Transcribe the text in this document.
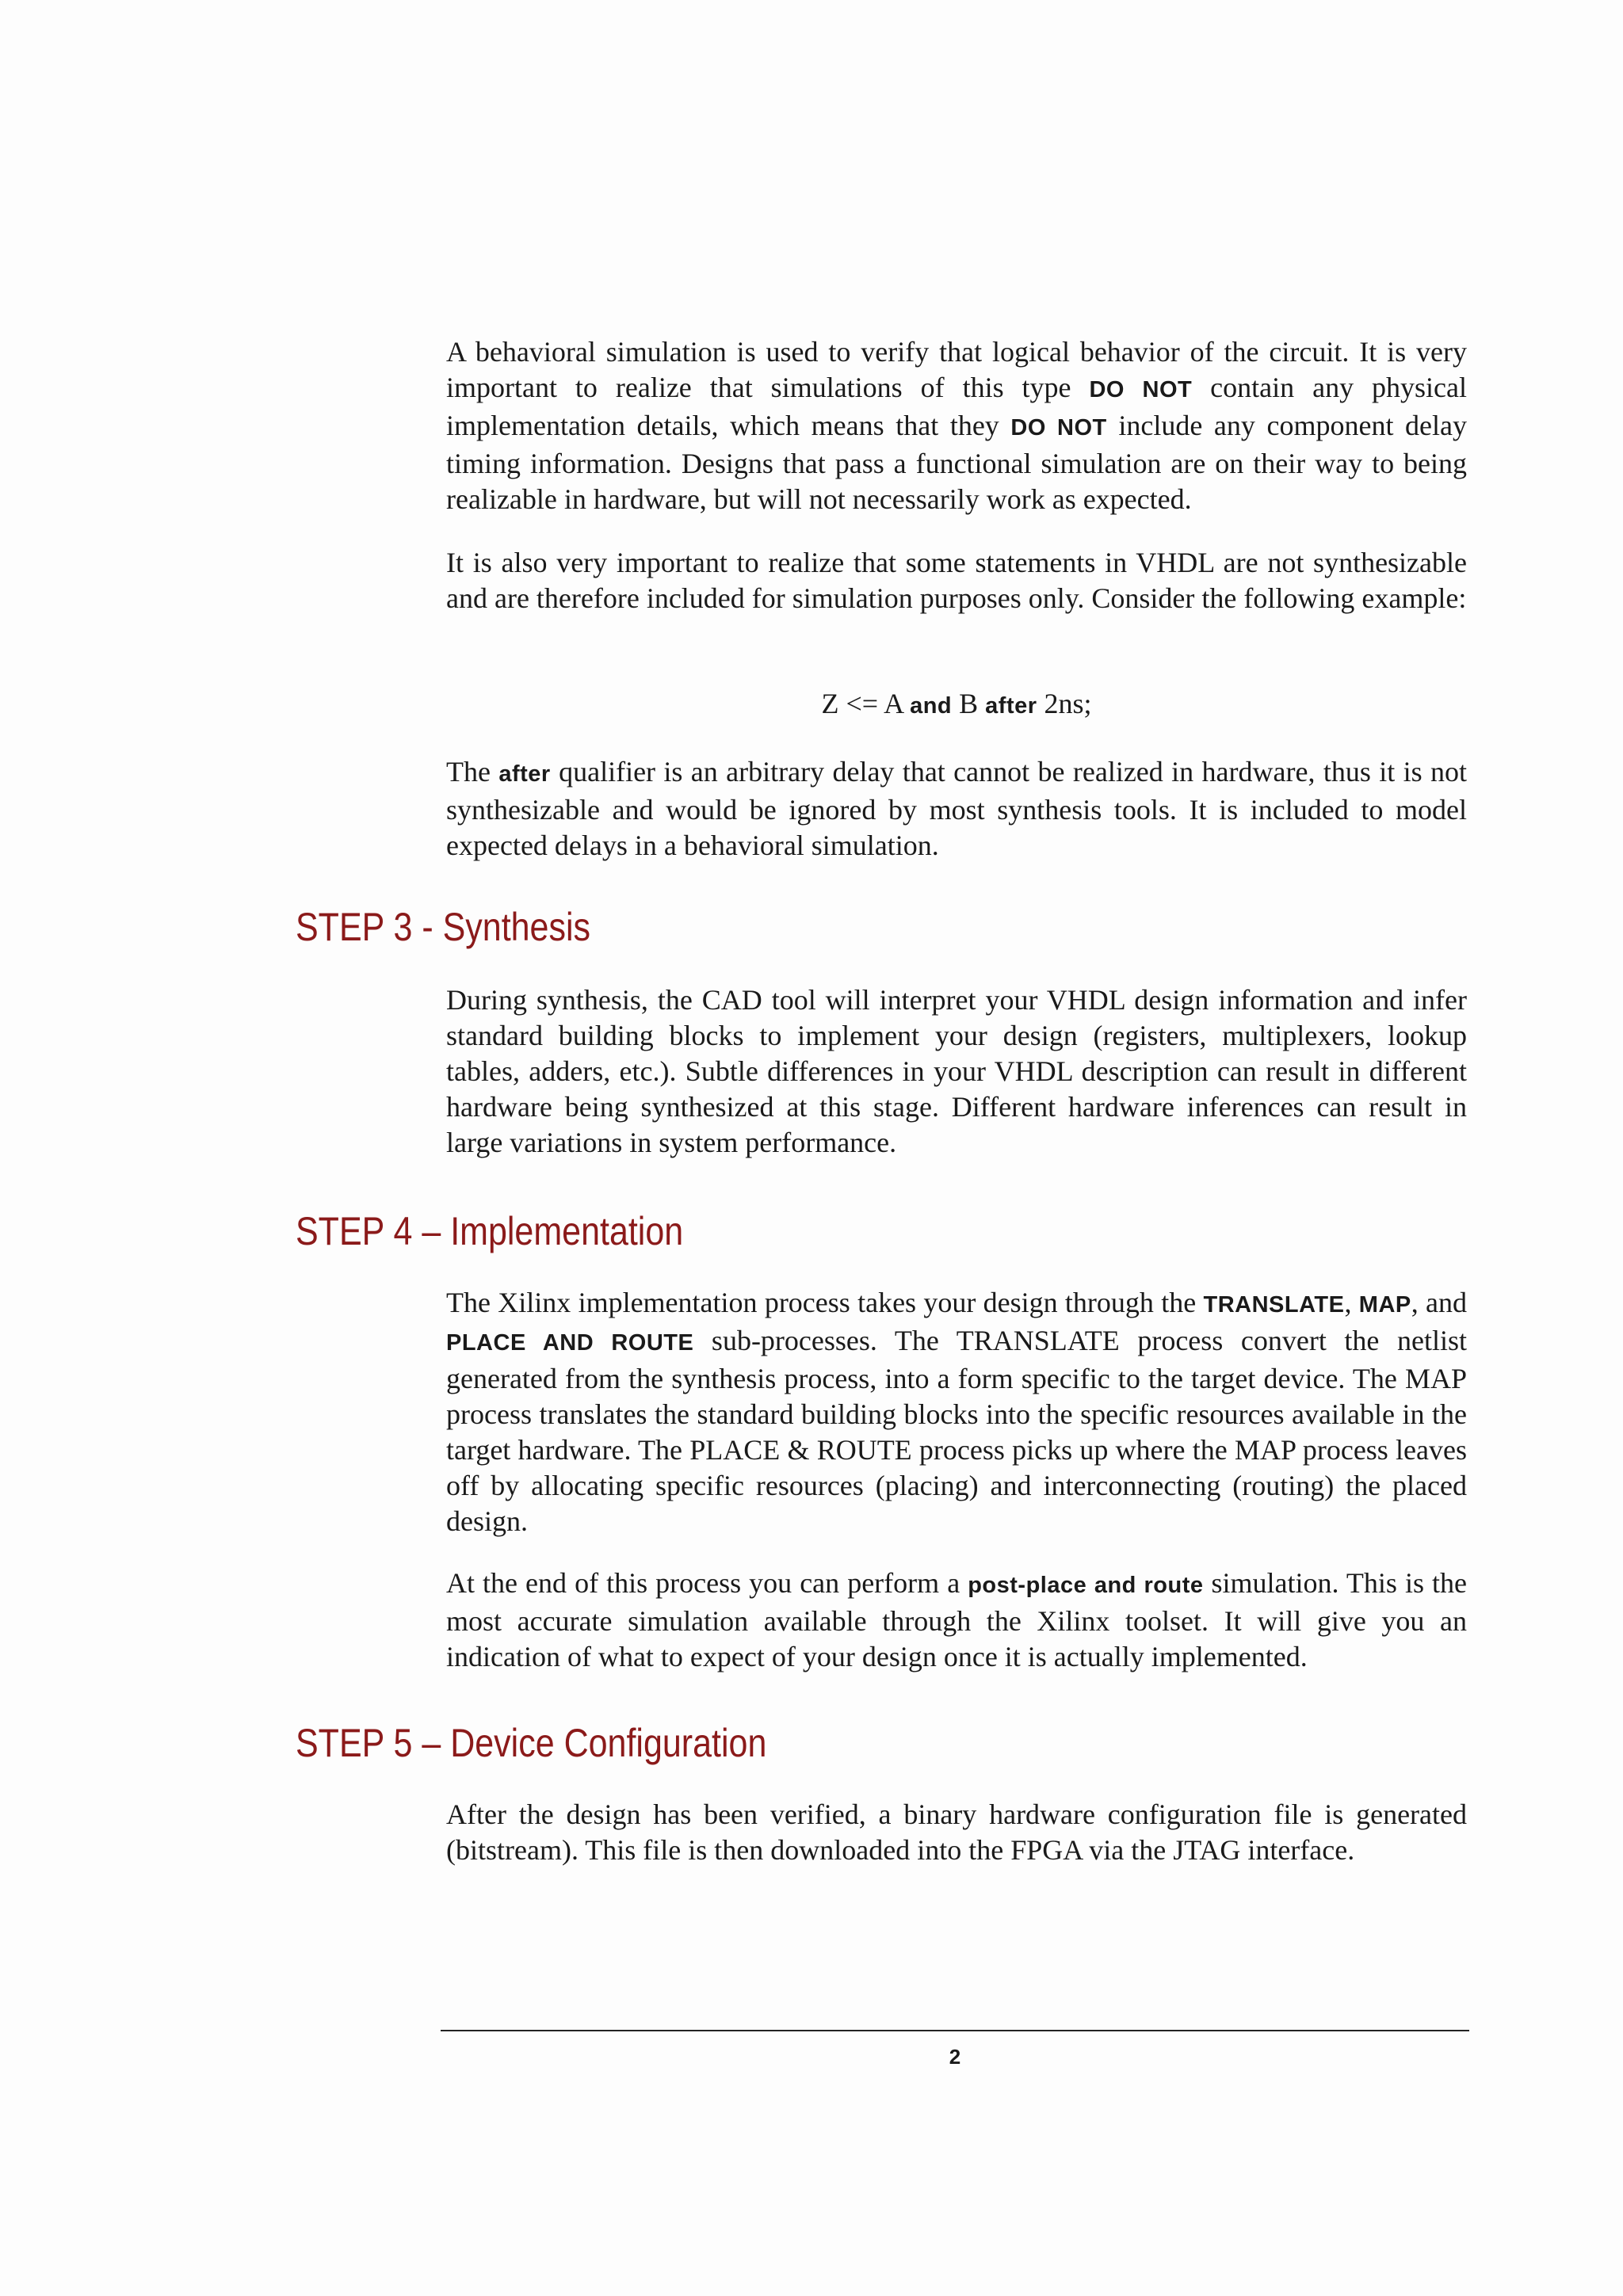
A behavioral simulation is used to verify that logical behavior of the circuit. It is very important to realize that simulations of this type DO NOT contain any physical implementation details, which means that they DO NOT include any component delay timing information. Designs that pass a functional simulation are on their way to being realizable in hardware, but will not necessarily work as expected.

It is also very important to realize that some statements in VHDL are not synthesizable and are therefore included for simulation purposes only. Consider the following example:

Z <= A and B after 2ns;

The after qualifier is an arbitrary delay that cannot be realized in hardware, thus it is not synthesizable and would be ignored by most synthesis tools. It is included to model expected delays in a behavioral simulation.

STEP 3 - Synthesis

During synthesis, the CAD tool will interpret your VHDL design information and infer standard building blocks to implement your design (registers, multiplexers, lookup tables, adders, etc.). Subtle differences in your VHDL description can result in different hardware being synthesized at this stage. Different hardware inferences can result in large variations in system performance.

STEP 4 – Implementation

The Xilinx implementation process takes your design through the TRANSLATE, MAP, and PLACE AND ROUTE sub-processes. The TRANSLATE process convert the netlist generated from the synthesis process, into a form specific to the target device. The MAP process translates the standard building blocks into the specific resources available in the target hardware. The PLACE & ROUTE process picks up where the MAP process leaves off by allocating specific resources (placing) and interconnecting (routing) the placed design.

At the end of this process you can perform a post-place and route simulation. This is the most accurate simulation available through the Xilinx toolset. It will give you an indication of what to expect of your design once it is actually implemented.

STEP 5 – Device Configuration

After the design has been verified, a binary hardware configuration file is generated (bitstream). This file is then downloaded into the FPGA via the JTAG interface.

2
